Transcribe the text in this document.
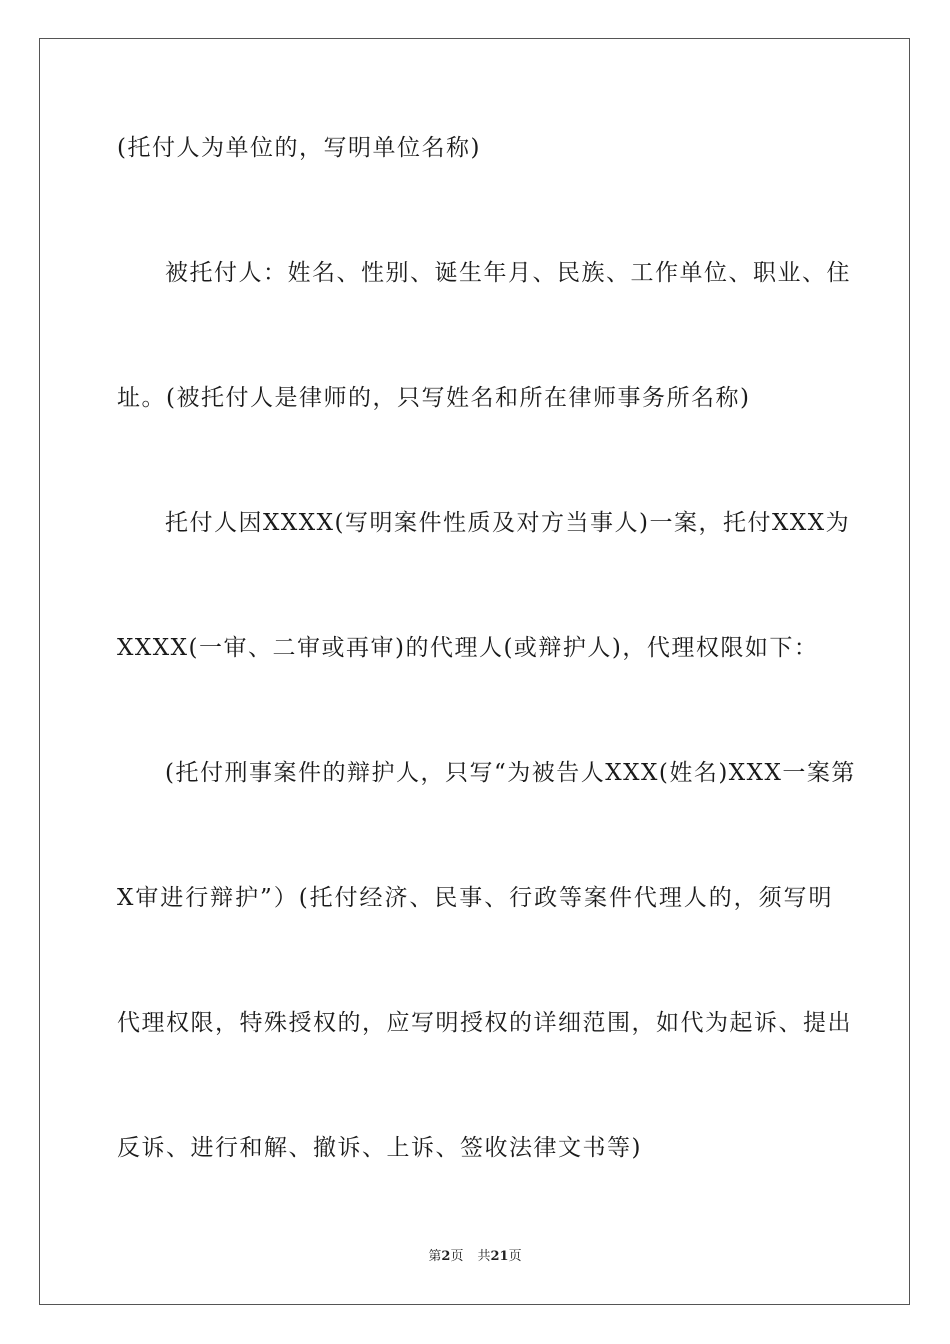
(托付人为单位的，写明单位名称)
被托付人：姓名、性别、诞生年月、民族、工作单位、职业、住
址。(被托付人是律师的，只写姓名和所在律师事务所名称)
托付人因XXXX(写明案件性质及对方当事人)一案，托付XXX为
XXXX(一审、二审或再审)的代理人(或辩护人)，代理权限如下：
(托付刑事案件的辩护人，只写“为被告人XXX(姓名)XXX一案第
X审进行辩护”）(托付经济、民事、行政等案件代理人的，须写明
代理权限，特殊授权的，应写明授权的详细范围，如代为起诉、提出
反诉、进行和解、撤诉、上诉、签收法律文书等)
第2页 共21页
